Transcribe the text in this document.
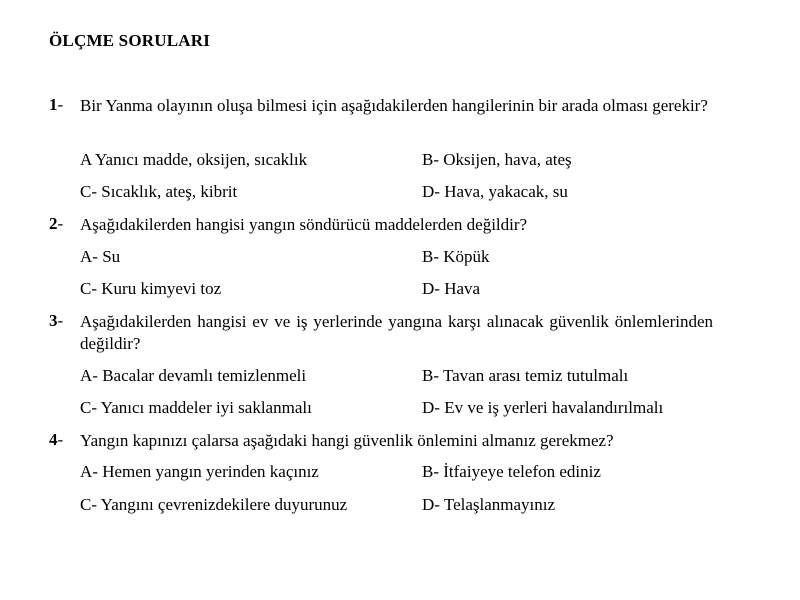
ÖLÇME SORULARI
1- Bir Yanma olayının oluşa bilmesi için aşağıdakilerden hangilerinin bir arada olması gerekir?
A Yanıcı madde, oksijen, sıcaklık	B- Oksijen, hava, ateş
C- Sıcaklık, ateş, kibrit	D- Hava, yakacak, su
2- Aşağıdakilerden hangisi yangın söndürücü maddelerden değildir?
A- Su	B- Köpük
C- Kuru kimyevi toz	D- Hava
3- Aşağıdakilerden hangisi ev ve iş yerlerinde yangına karşı alınacak güvenlik önlemlerinden değildir?
A- Bacalar devamlı temizlenmeli	B- Tavan arası temiz tutulmalı
C- Yanıcı maddeler iyi saklanmalı	D- Ev ve iş yerleri havalandırılmalı
4- Yangın kapınızı çalarsa aşağıdaki hangi güvenlik önlemini almanız gerekmez?
A- Hemen yangın yerinden kaçınız	B- İtfaiyeye telefon ediniz
C- Yangını çevrenizdekilere duyurunuz	D- Telaşlanmayınız
